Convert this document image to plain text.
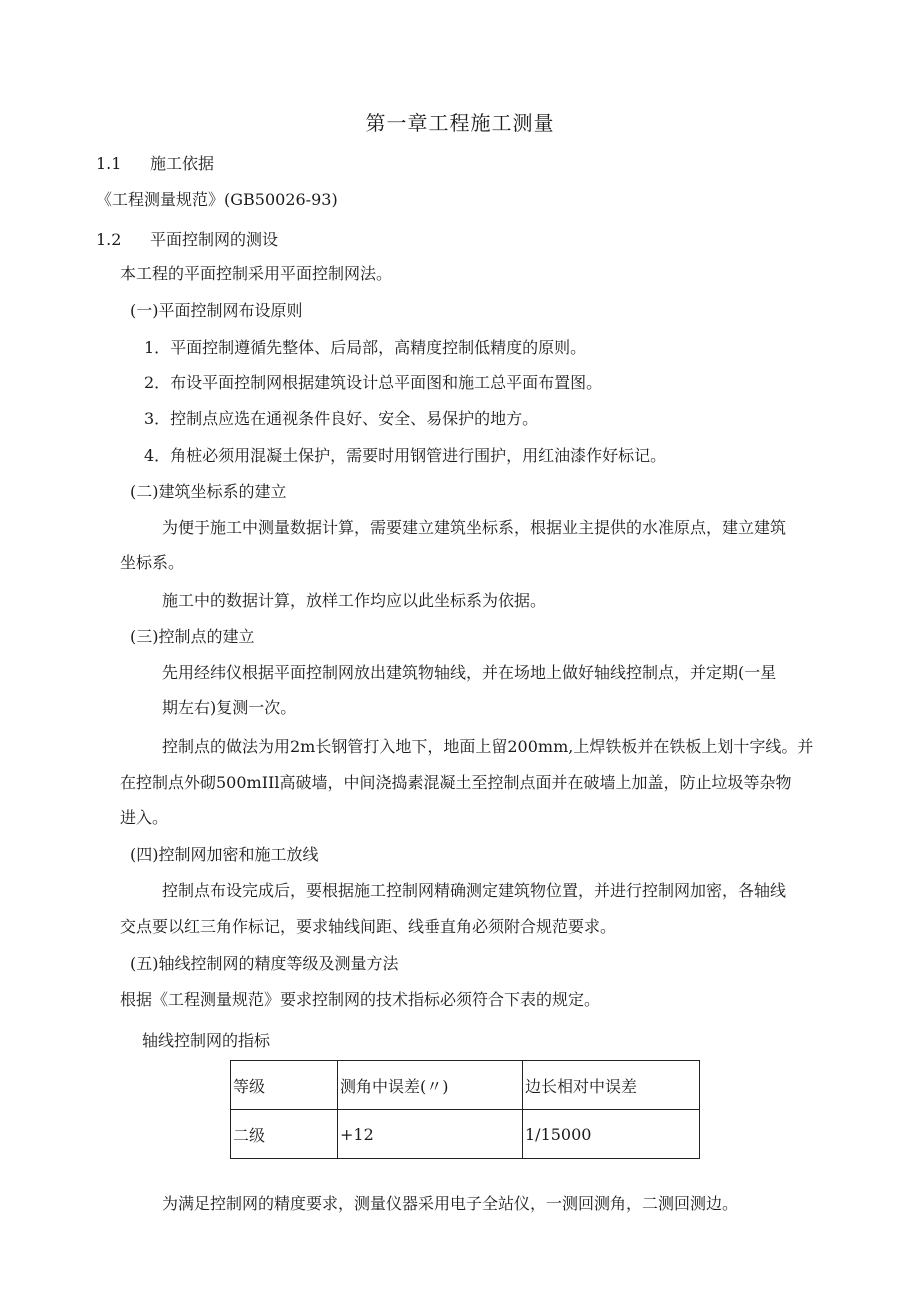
第一章工程施工测量
1.1 施工依据
《工程测量规范》(GB50026-93)
1.2 平面控制网的测设
本工程的平面控制采用平面控制网法。
(一)平面控制网布设原则
1．平面控制遵循先整体、后局部，高精度控制低精度的原则。
2．布设平面控制网根据建筑设计总平面图和施工总平面布置图。
3．控制点应选在通视条件良好、安全、易保护的地方。
4．角桩必须用混凝土保护，需要时用钢管进行围护，用红油漆作好标记。
(二)建筑坐标系的建立
为便于施工中测量数据计算，需要建立建筑坐标系，根据业主提供的水准原点，建立建筑
坐标系。
施工中的数据计算，放样工作均应以此坐标系为依据。
(三)控制点的建立
先用经纬仪根据平面控制网放出建筑物轴线，并在场地上做好轴线控制点，并定期(一星
期左右)复测一次。
控制点的做法为用2m长钢管打入地下，地面上留200mm,上焊铁板并在铁板上划十字线。并
在控制点外砌500mIIl高破墙，中间浇捣素混凝土至控制点面并在破墙上加盖，防止垃圾等杂物
进入。
(四)控制网加密和施工放线
控制点布设完成后，要根据施工控制网精确测定建筑物位置，并进行控制网加密，各轴线
交点要以红三角作标记，要求轴线间距、线垂直角必须附合规范要求。
(五)轴线控制网的精度等级及测量方法
根据《工程测量规范》要求控制网的技术指标必须符合下表的规定。
轴线控制网的指标
等级	测角中误差(〃)	边长相对中误差
二级	+12	1/15000
为满足控制网的精度要求，测量仪器采用电子全站仪，一测回测角，二测回测边。
